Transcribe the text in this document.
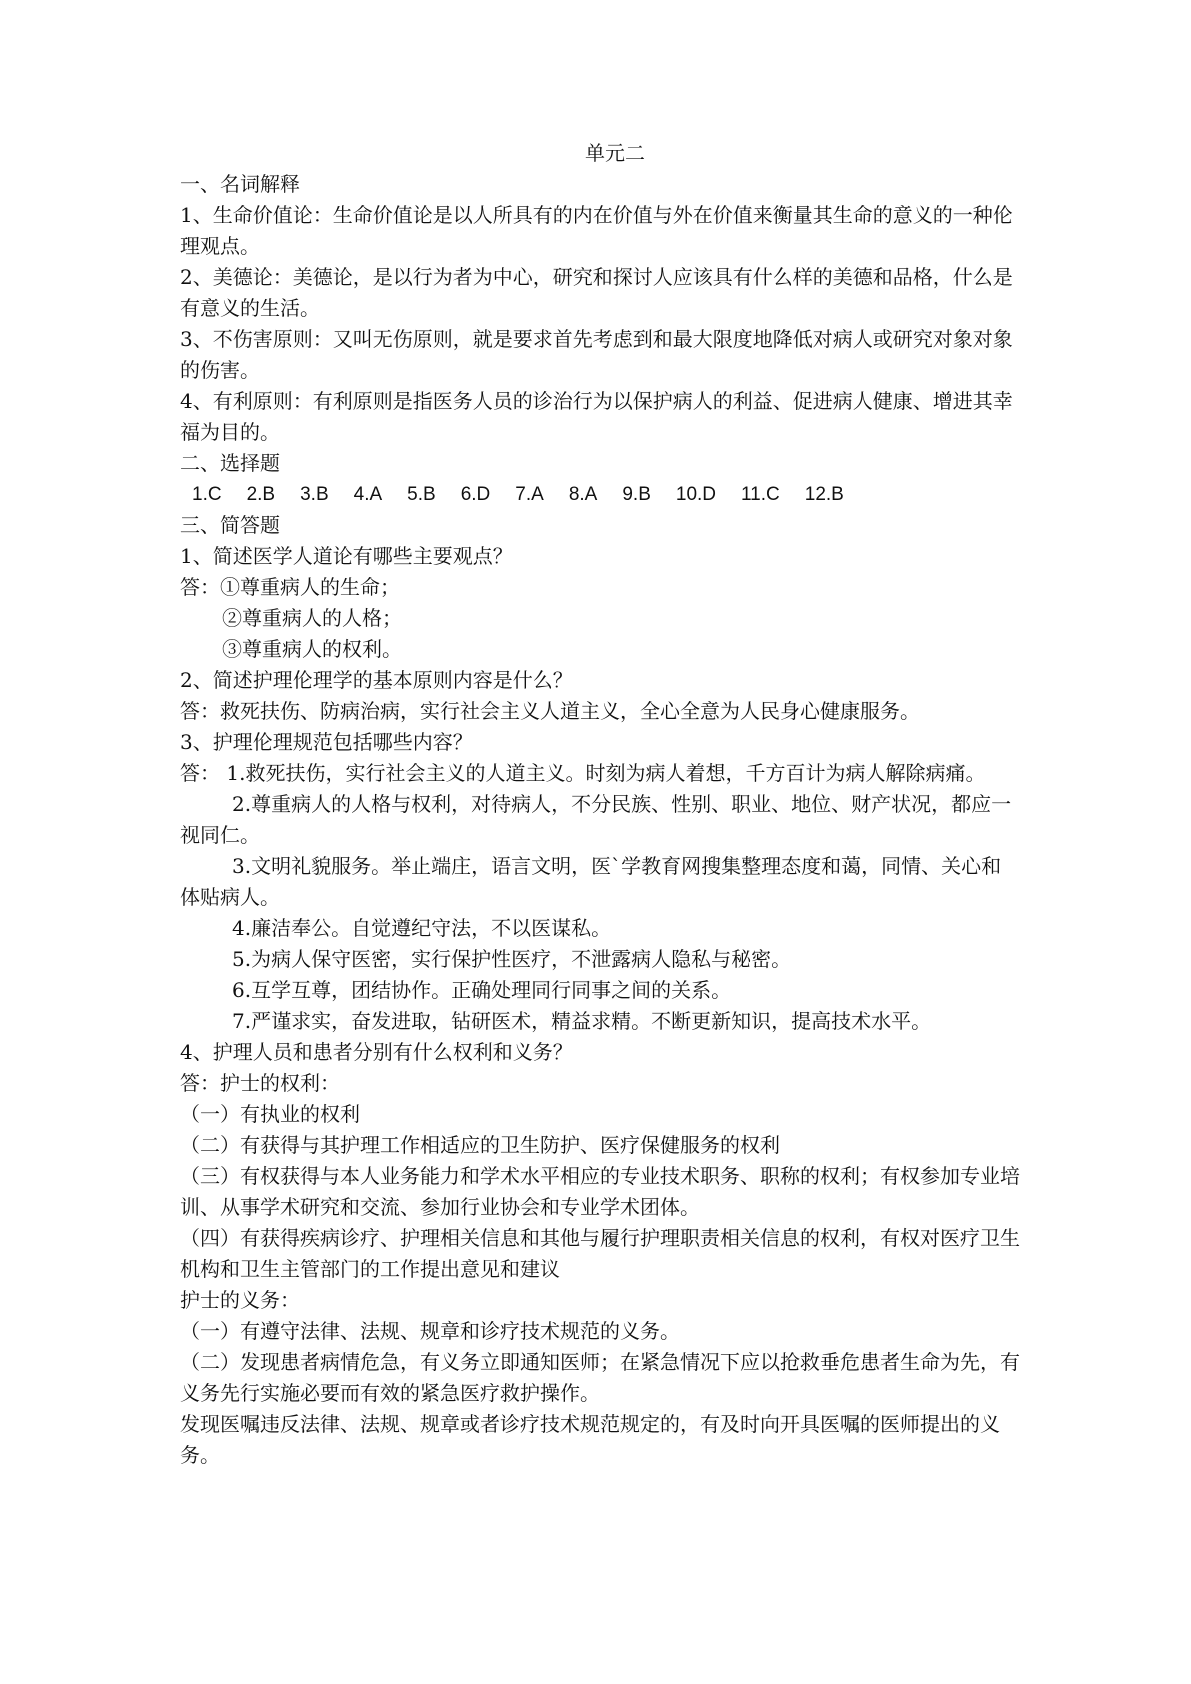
单元二

一、名词解释

1、生命价值论：生命价值论是以人所具有的内在价值与外在价值来衡量其生命的意义的一种伦理观点。

2、美德论：美德论，是以行为者为中心，研究和探讨人应该具有什么样的美德和品格，什么是有意义的生活。

3、不伤害原则：又叫无伤原则，就是要求首先考虑到和最大限度地降低对病人或研究对象对象的伤害。

4、有利原则：有利原则是指医务人员的诊治行为以保护病人的利益、促进病人健康、增进其幸福为目的。

二、选择题

1.C 2.B 3.B 4.A 5.B 6.D 7.A 8.A 9.B 10.D 11.C 12.B

三、简答题

1、简述医学人道论有哪些主要观点？

答：①尊重病人的生命；

②尊重病人的人格；

③尊重病人的权利。

2、简述护理伦理学的基本原则内容是什么？

答：救死扶伤、防病治病，实行社会主义人道主义，全心全意为人民身心健康服务。

3、护理伦理规范包括哪些内容？

答： 1.救死扶伤，实行社会主义的人道主义。时刻为病人着想，千方百计为病人解除病痛。

2.尊重病人的人格与权利，对待病人，不分民族、性别、职业、地位、财产状况，都应一视同仁。

3.文明礼貌服务。举止端庄，语言文明，医`学教育网搜集整理态度和蔼，同情、关心和体贴病人。

4.廉洁奉公。自觉遵纪守法，不以医谋私。

5.为病人保守医密，实行保护性医疗，不泄露病人隐私与秘密。

6.互学互尊，团结协作。正确处理同行同事之间的关系。

7.严谨求实，奋发进取，钻研医术，精益求精。不断更新知识，提高技术水平。

4、护理人员和患者分别有什么权利和义务？

答：护士的权利：

（一）有执业的权利

（二）有获得与其护理工作相适应的卫生防护、医疗保健服务的权利

（三）有权获得与本人业务能力和学术水平相应的专业技术职务、职称的权利；有权参加专业培训、从事学术研究和交流、参加行业协会和专业学术团体。

（四）有获得疾病诊疗、护理相关信息和其他与履行护理职责相关信息的权利，有权对医疗卫生机构和卫生主管部门的工作提出意见和建议

护士的义务：

（一）有遵守法律、法规、规章和诊疗技术规范的义务。

（二）发现患者病情危急，有义务立即通知医师；在紧急情况下应以抢救垂危患者生命为先，有义务先行实施必要而有效的紧急医疗救护操作。

发现医嘱违反法律、法规、规章或者诊疗技术规范规定的，有及时向开具医嘱的医师提出的义务。
